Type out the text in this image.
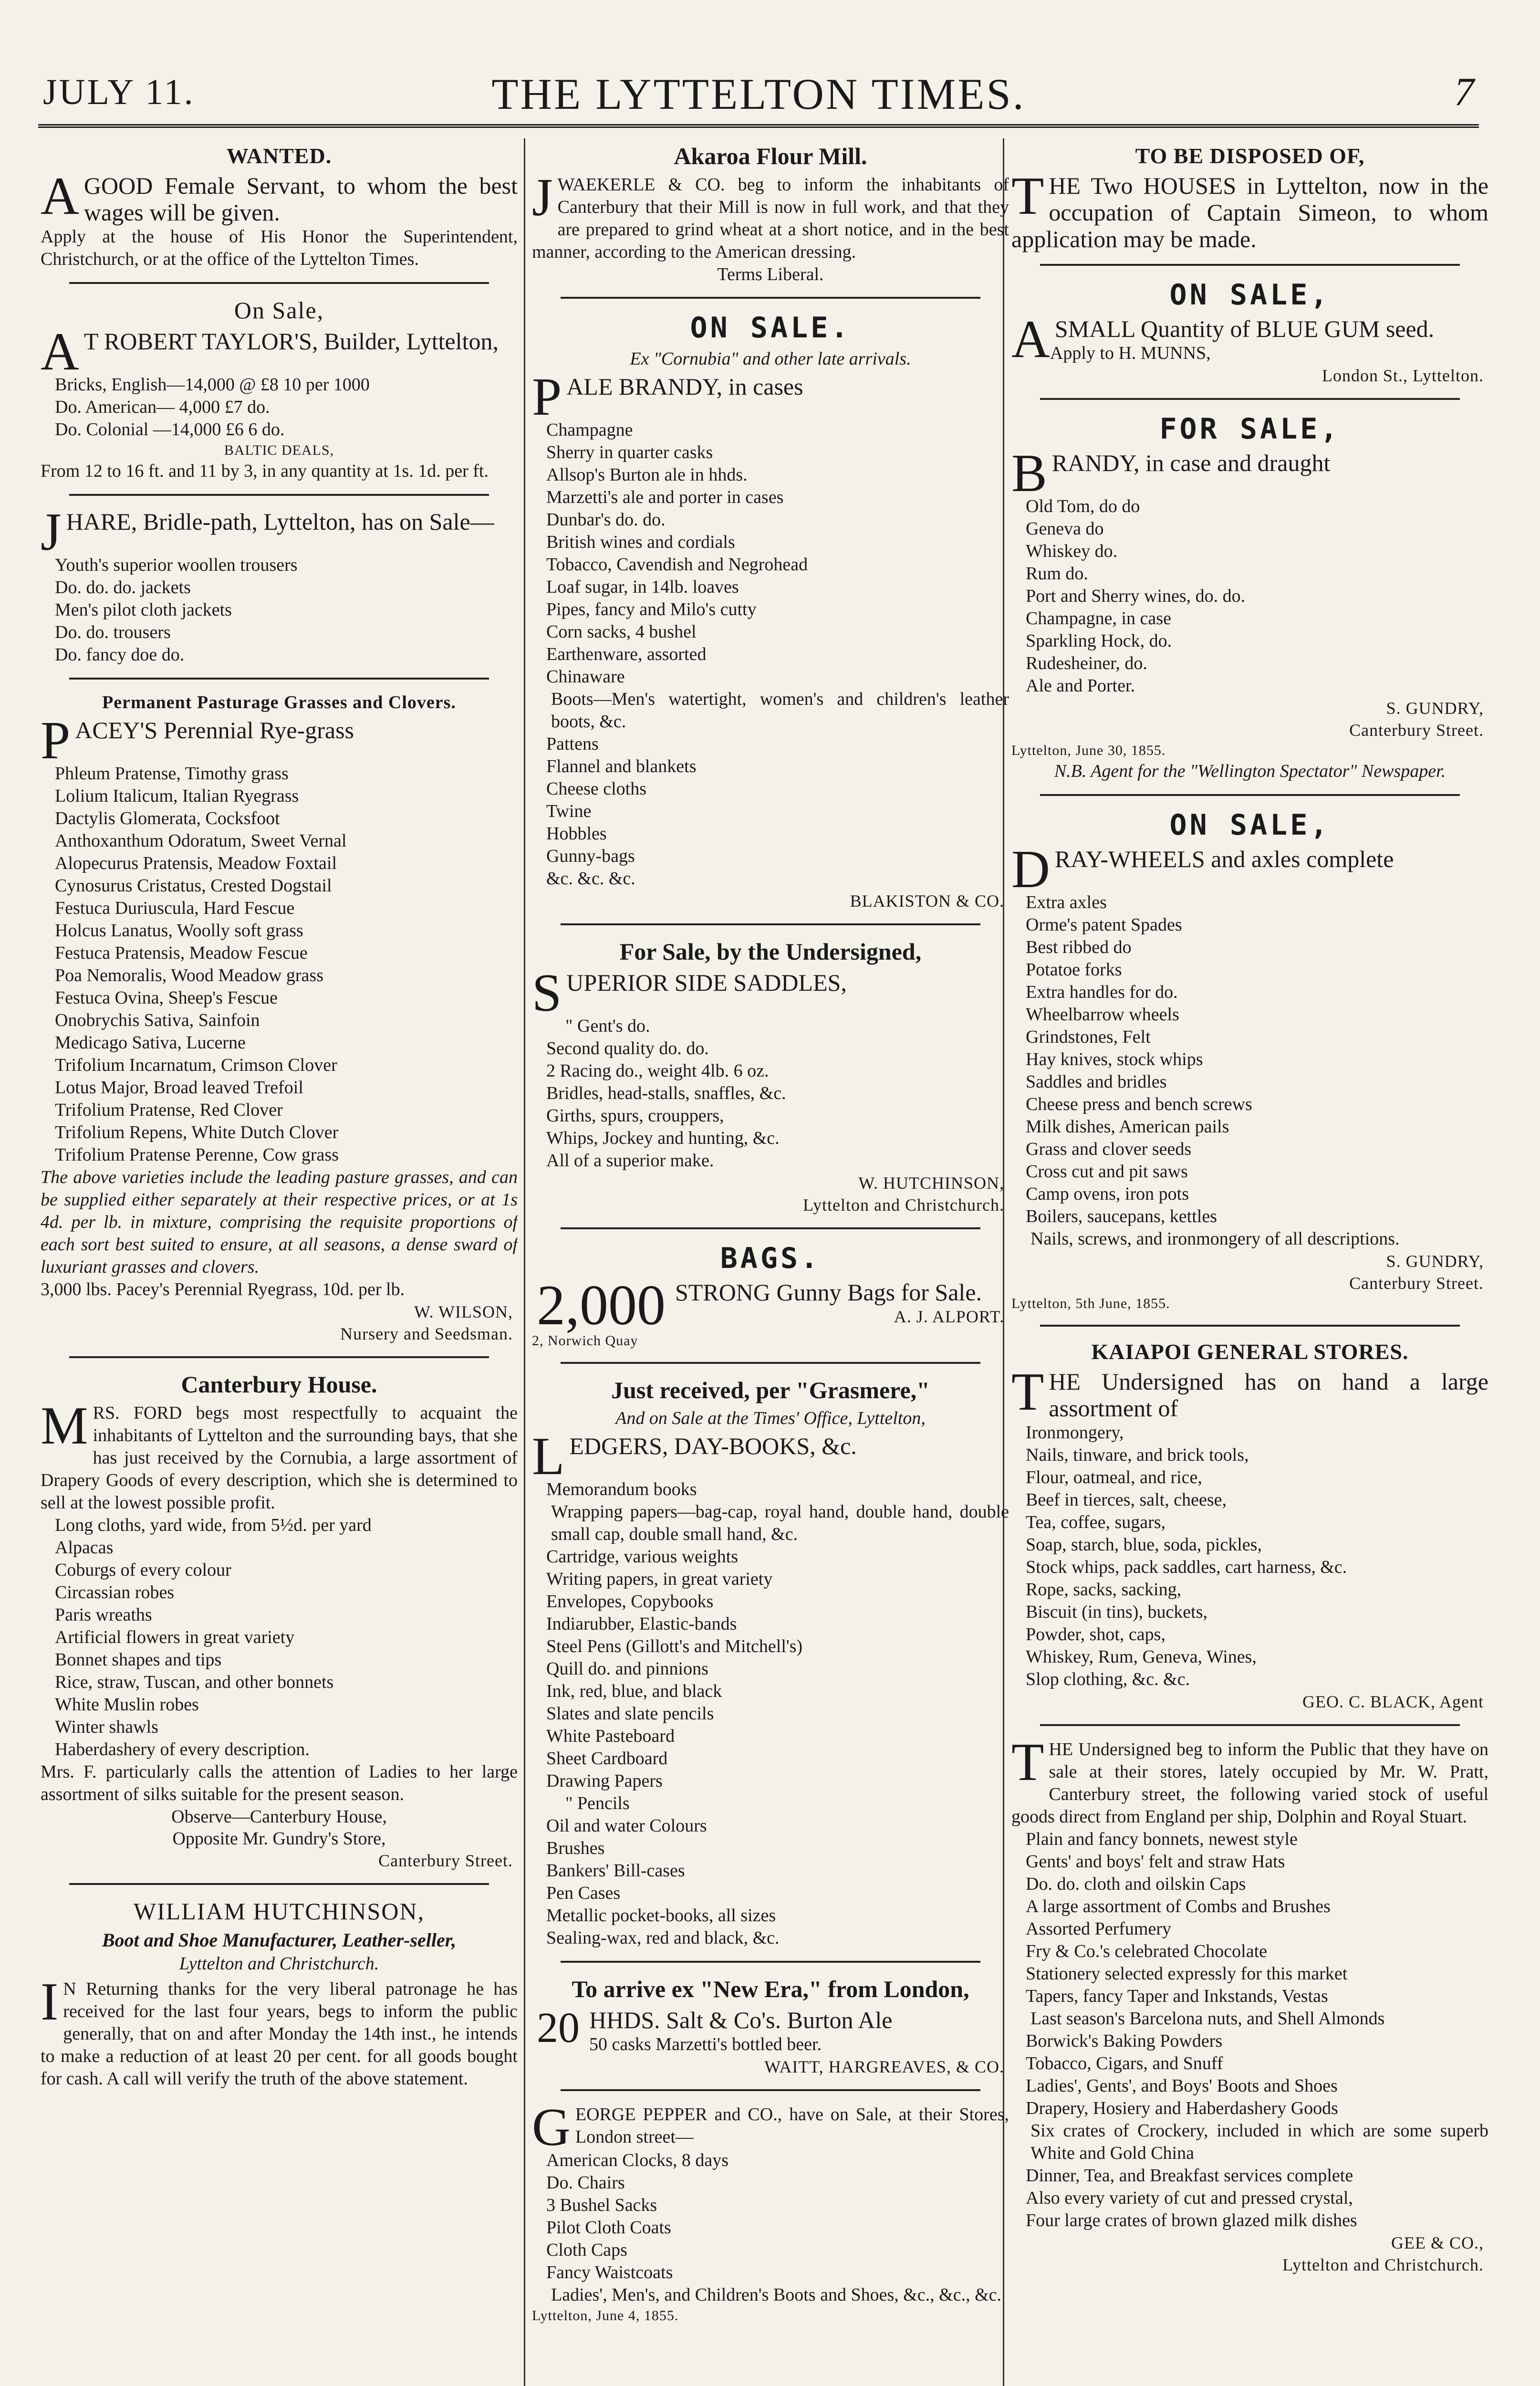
JULY 11.	THE LYTTELTON TIMES.	7
WANTED.

AGOOD Female Servant, to whom the best wages will be given.

Apply at the house of His Honor the Superintendent, Christchurch, or at the office of the Lyttelton Times.

On Sale,

A T ROBERT TAYLOR'S, Builder, Lyttelton,

Bricks, English—14,000 @ £8 10 per 1000
Do. American— 4,000 £7 do.
Do. Colonial —14,000 £6 6 do.
BALTIC DEALS,

From 12 to 16 ft. and 11 by 3, in any quantity at 1s. 1d. per ft.

JHARE, Bridle-path, Lyttelton, has on Sale—

Youth's superior woollen trousers
Do. do. do. jackets
Men's pilot cloth jackets
Do. do. trousers
Do. fancy doe do.
Permanent Pasturage Grasses and Clovers.

PACEY'S Perennial Rye-grass

Phleum Pratense, Timothy grass
Lolium Italicum, Italian Ryegrass
Dactylis Glomerata, Cocksfoot
Anthoxanthum Odoratum, Sweet Vernal
Alopecurus Pratensis, Meadow Foxtail
Cynosurus Cristatus, Crested Dogstail
Festuca Duriuscula, Hard Fescue
Holcus Lanatus, Woolly soft grass
Festuca Pratensis, Meadow Fescue
Poa Nemoralis, Wood Meadow grass
Festuca Ovina, Sheep's Fescue
Onobrychis Sativa, Sainfoin
Medicago Sativa, Lucerne
Trifolium Incarnatum, Crimson Clover
Lotus Major, Broad leaved Trefoil
Trifolium Pratense, Red Clover
Trifolium Repens, White Dutch Clover
Trifolium Pratense Perenne, Cow grass

The above varieties include the leading pasture grasses, and can be supplied either separately at their respective prices, or at 1s 4d. per lb. in mixture, comprising the requisite proportions of each sort best suited to ensure, at all seasons, a dense sward of luxuriant grasses and clovers.

3,000 lbs. Pacey's Perennial Ryegrass, 10d. per lb.

W. WILSON,
Nursery and Seedsman.
Canterbury House.

MRS. FORD begs most respectfully to acquaint the inhabitants of Lyttelton and the surrounding bays, that she has just received by the Cornubia, a large assortment of Drapery Goods of every description, which she is determined to sell at the lowest possible profit.

Long cloths, yard wide, from 5½d. per yard
Alpacas
Coburgs of every colour
Circassian robes
Paris wreaths
Artificial flowers in great variety
Bonnet shapes and tips
Rice, straw, Tuscan, and other bonnets
White Muslin robes
Winter shawls
Haberdashery of every description.

Mrs. F. particularly calls the attention of Ladies to her large assortment of silks suitable for the present season.

Observe—Canterbury House,
Opposite Mr. Gundry's Store,
Canterbury Street.
WILLIAM HUTCHINSON,
Boot and Shoe Manufacturer, Leather-seller,
Lyttelton and Christchurch.

I N Returning thanks for the very liberal patronage he has received for the last four years, begs to inform the public generally, that on and after Monday the 14th inst., he intends to make a reduction of at least 20 per cent. for all goods bought for cash. A call will verify the truth of the above statement.

Akaroa Flour Mill.

JWAEKERLE & CO. beg to inform the inhabitants of Canterbury that their Mill is now in full work, and that they are prepared to grind wheat at a short notice, and in the best manner, according to the American dressing.

Terms Liberal.
ON SALE.
Ex "Cornubia" and other late arrivals.

PALE BRANDY, in cases

Champagne
Sherry in quarter casks
Allsop's Burton ale in hhds.
Marzetti's ale and porter in cases
Dunbar's do. do.
British wines and cordials
Tobacco, Cavendish and Negrohead
Loaf sugar, in 14lb. loaves
Pipes, fancy and Milo's cutty
Corn sacks, 4 bushel
Earthenware, assorted
Chinaware

Boots—Men's watertight, women's and children's leather boots, &c.

Pattens
Flannel and blankets
Cheese cloths
Twine
Hobbles
Gunny-bags
&c. &c. &c.
BLAKISTON & CO.
For Sale, by the Undersigned,

SUPERIOR SIDE SADDLES,

" Gent's do.
Second quality do. do.
2 Racing do., weight 4lb. 6 oz.
Bridles, head-stalls, snaffles, &c.
Girths, spurs, crouppers,
Whips, Jockey and hunting, &c.
All of a superior make.
W. HUTCHINSON,
Lyttelton and Christchurch.
BAGS.

2,000 STRONG Gunny Bags for Sale.

A. J. ALPORT.
2, Norwich Quay
Just received, per "Grasmere,"
And on Sale at the Times' Office, Lyttelton,

LEDGERS, DAY-BOOKS, &c.

Memorandum books

Wrapping papers—bag-cap, royal hand, double hand, double small cap, double small hand, &c.

Cartridge, various weights
Writing papers, in great variety
Envelopes, Copybooks
Indiarubber, Elastic-bands
Steel Pens (Gillott's and Mitchell's)
Quill do. and pinnions
Ink, red, blue, and black
Slates and slate pencils
White Pasteboard
Sheet Cardboard
Drawing Papers
" Pencils
Oil and water Colours
Brushes
Bankers' Bill-cases
Pen Cases
Metallic pocket-books, all sizes
Sealing-wax, red and black, &c.
To arrive ex "New Era," from London,

20 HHDS. Salt & Co's. Burton Ale

50 casks Marzetti's bottled beer.

WAITT, HARGREAVES, & CO.

GEORGE PEPPER and CO., have on Sale, at their Stores, London street—

American Clocks, 8 days
Do. Chairs
3 Bushel Sacks
Pilot Cloth Coats
Cloth Caps
Fancy Waistcoats

Ladies', Men's, and Children's Boots and Shoes, &c., &c., &c.

Lyttelton, June 4, 1855.
TO BE DISPOSED OF,

THE Two HOUSES in Lyttelton, now in the occupation of Captain Simeon, to whom application may be made.

ON SALE,

ASMALL Quantity of BLUE GUM seed.

Apply to H. MUNNS,
London St., Lyttelton.
FOR SALE,

BRANDY, in case and draught

Old Tom, do do
Geneva do
Whiskey do.
Rum do.
Port and Sherry wines, do. do.
Champagne, in case
Sparkling Hock, do.
Rudesheiner, do.
Ale and Porter.
S. GUNDRY,
Canterbury Street.
Lyttelton, June 30, 1855.

N.B. Agent for the "Wellington Spectator" Newspaper.

ON SALE,

DRAY-WHEELS and axles complete

Extra axles
Orme's patent Spades
Best ribbed do
Potatoe forks
Extra handles for do.
Wheelbarrow wheels
Grindstones, Felt
Hay knives, stock whips
Saddles and bridles
Cheese press and bench screws
Milk dishes, American pails
Grass and clover seeds
Cross cut and pit saws
Camp ovens, iron pots
Boilers, saucepans, kettles

Nails, screws, and ironmongery of all descriptions.

S. GUNDRY,
Canterbury Street.
Lyttelton, 5th June, 1855.
KAIAPOI GENERAL STORES.

THE Undersigned has on hand a large assortment of

Ironmongery,
Nails, tinware, and brick tools,
Flour, oatmeal, and rice,
Beef in tierces, salt, cheese,
Tea, coffee, sugars,
Soap, starch, blue, soda, pickles,
Stock whips, pack saddles, cart harness, &c.
Rope, sacks, sacking,
Biscuit (in tins), buckets,
Powder, shot, caps,
Whiskey, Rum, Geneva, Wines,
Slop clothing, &c. &c.
GEO. C. BLACK, Agent

THE Undersigned beg to inform the Public that they have on sale at their stores, lately occupied by Mr. W. Pratt, Canterbury street, the following varied stock of useful goods direct from England per ship, Dolphin and Royal Stuart.

Plain and fancy bonnets, newest style
Gents' and boys' felt and straw Hats
Do. do. cloth and oilskin Caps
A large assortment of Combs and Brushes
Assorted Perfumery
Fry & Co.'s celebrated Chocolate
Stationery selected expressly for this market
Tapers, fancy Taper and Inkstands, Vestas

Last season's Barcelona nuts, and Shell Almonds

Borwick's Baking Powders
Tobacco, Cigars, and Snuff
Ladies', Gents', and Boys' Boots and Shoes
Drapery, Hosiery and Haberdashery Goods

Six crates of Crockery, included in which are some superb White and Gold China

Dinner, Tea, and Breakfast services complete
Also every variety of cut and pressed crystal,
Four large crates of brown glazed milk dishes
GEE & CO.,
Lyttelton and Christchurch.
